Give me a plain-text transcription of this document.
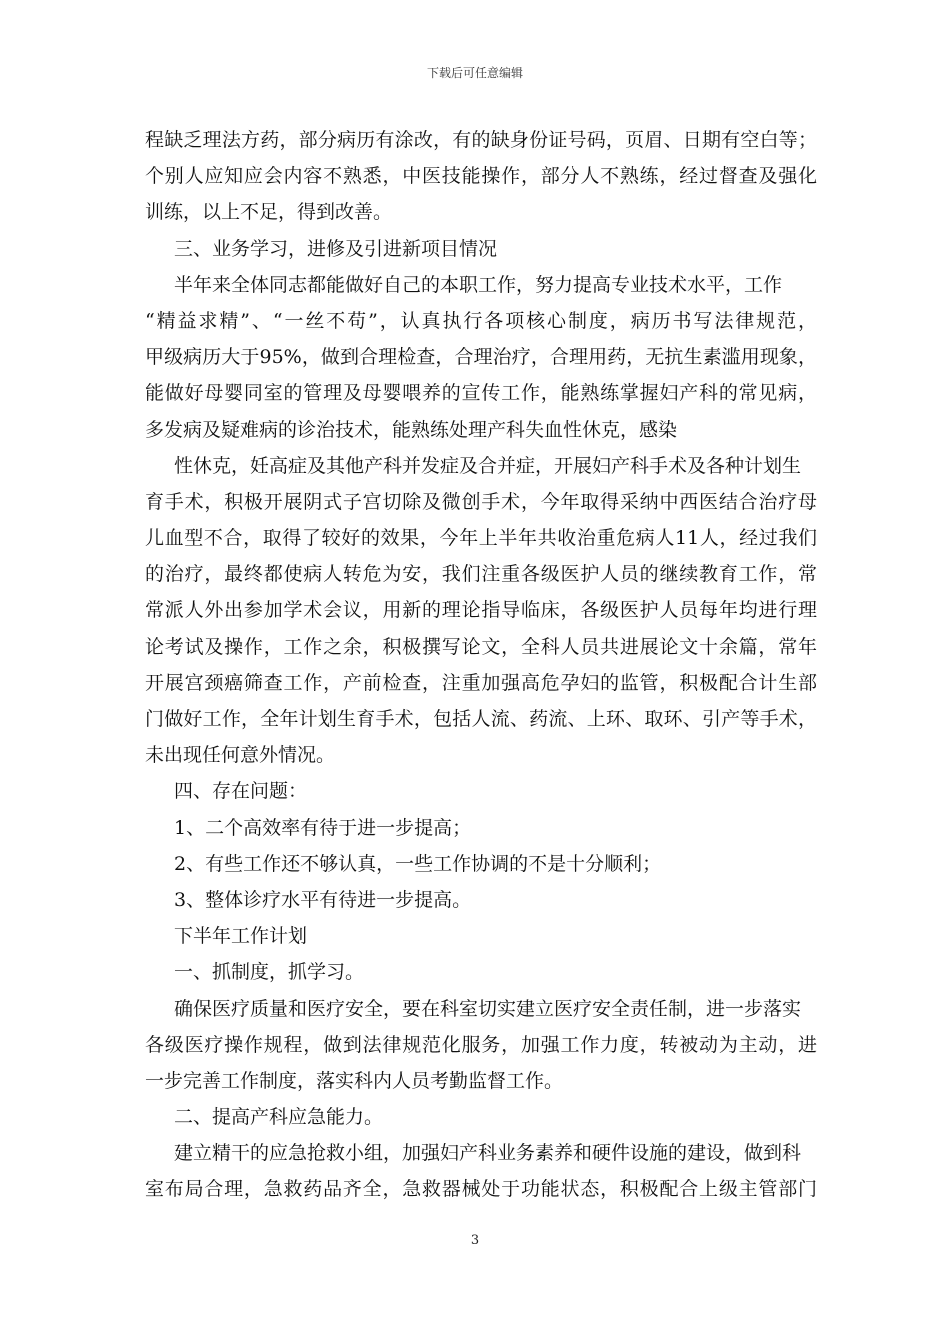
下载后可任意编辑
程缺乏理法方药，部分病历有涂改，有的缺身份证号码，页眉、日期有空白等；
个别人应知应会内容不熟悉，中医技能操作，部分人不熟练，经过督查及强化
训练，以上不足，得到改善。
三、业务学习，进修及引进新项目情况
半年来全体同志都能做好自己的本职工作，努力提高专业技术水平，工作
“精益求精”、“一丝不苟”，认真执行各项核心制度，病历书写法律规范，
甲级病历大于95%，做到合理检查，合理治疗，合理用药，无抗生素滥用现象，
能做好母婴同室的管理及母婴喂养的宣传工作，能熟练掌握妇产科的常见病，
多发病及疑难病的诊治技术，能熟练处理产科失血性休克，感染
性休克，妊高症及其他产科并发症及合并症，开展妇产科手术及各种计划生
育手术，积极开展阴式子宫切除及微创手术，今年取得采纳中西医结合治疗母
儿血型不合，取得了较好的效果，今年上半年共收治重危病人11人，经过我们
的治疗，最终都使病人转危为安，我们注重各级医护人员的继续教育工作，常
常派人外出参加学术会议，用新的理论指导临床，各级医护人员每年均进行理
论考试及操作，工作之余，积极撰写论文，全科人员共进展论文十余篇，常年
开展宫颈癌筛查工作，产前检查，注重加强高危孕妇的监管，积极配合计生部
门做好工作，全年计划生育手术，包括人流、药流、上环、取环、引产等手术，
未出现任何意外情况。
四、存在问题：
1、二个高效率有待于进一步提高；
2、有些工作还不够认真，一些工作协调的不是十分顺利；
3、整体诊疗水平有待进一步提高。
下半年工作计划
一、抓制度，抓学习。
确保医疗质量和医疗安全，要在科室切实建立医疗安全责任制，进一步落实
各级医疗操作规程，做到法律规范化服务，加强工作力度，转被动为主动，进
一步完善工作制度，落实科内人员考勤监督工作。
二、提高产科应急能力。
建立精干的应急抢救小组，加强妇产科业务素养和硬件设施的建设，做到科
室布局合理，急救药品齐全，急救器械处于功能状态，积极配合上级主管部门
3
